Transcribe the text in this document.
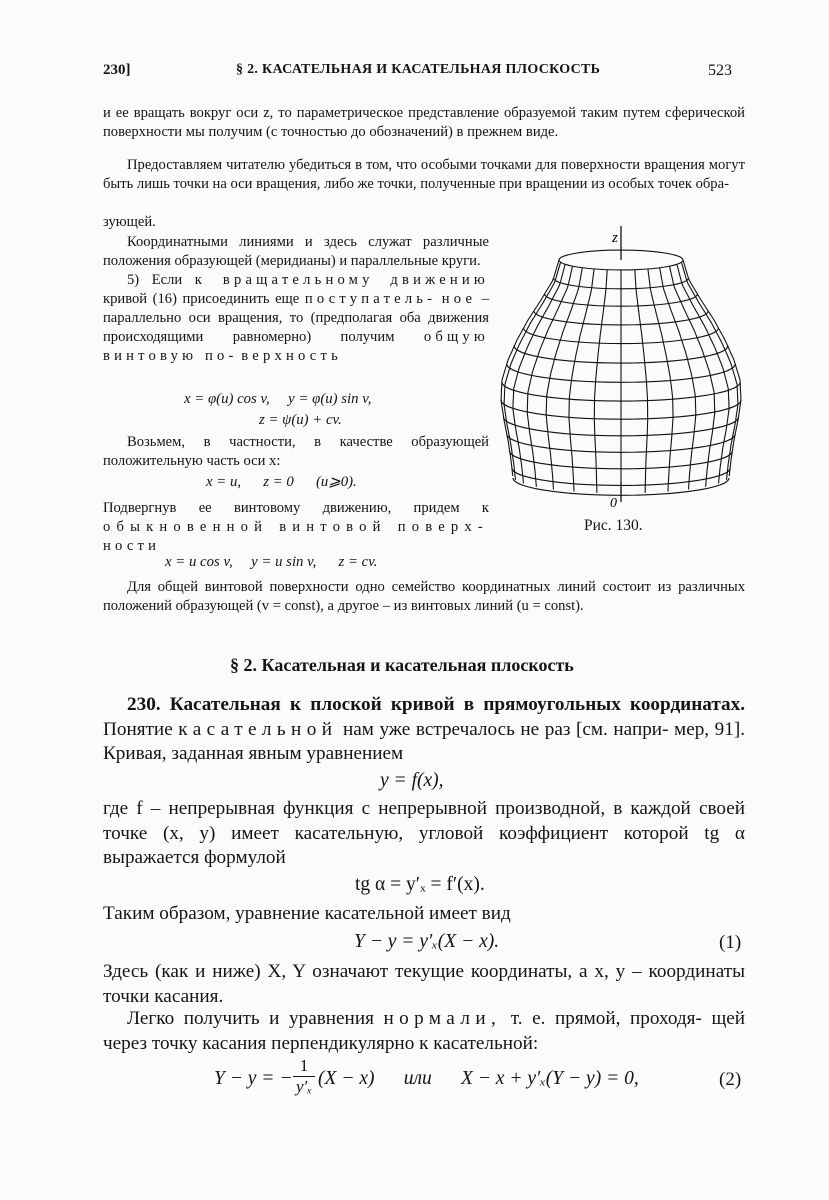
230]	§ 2. КАСАТЕЛЬНАЯ И КАСАТЕЛЬНАЯ ПЛОСКОСТЬ	523

и ее вращать вокруг оси z, то параметрическое представление образуемой таким путем сферической поверхности мы получим (с точностью до обозначений) в прежнем виде.

Предоставляем читателю убедиться в том, что особыми точками для поверхности вращения могут быть лишь точки на оси вращения, либо же точки, полученные при вращении из особых точек обра-

зующей.

Координатными линиями и здесь служат различные положения образующей (меридианы) и параллельные круги.

5) Если к вращательному движению кривой (16) присоединить еще поступатель- ное – параллельно оси вращения, то (предполагая оба движения происходящими равномерно) получим общую винтовую по- верхность

x = φ(u) cos v,     y = φ(u) sin v,
z = ψ(u) + cv.

Возьмем, в частности, в качестве образующей положительную часть оси x:

x = u,      z = 0      (u⩾0).

Подвергнув ее винтовому движению, придем к обыкновенной винтовой поверх- ности

x = u cos v,     y = u sin v,      z = cv.
z
0
Рис. 130.

Для общей винтовой поверхности одно семейство координатных линий состоит из различных положений образующей (v = const), а другое – из винтовых линий (u = const).

§ 2. Касательная и касательная плоскость

230. Касательная к плоской кривой в прямоугольных координатах. Понятие касательной нам уже встречалось не раз [см. напри- мер, 91]. Кривая, заданная явным уравнением

y = f(x),

где f – непрерывная функция с непрерывной производной, в каждой своей точке (x, y) имеет касательную, угловой коэффициент которой tg α выражается формулой

tg α = y′ₓ = f′(x).

Таким образом, уравнение касательной имеет вид

Y − y = y′ₓ(X − x).	(1)

Здесь (как и ниже) X, Y означают текущие координаты, а x, y – координаты точки касания.

Легко получить и уравнения нормали, т. е. прямой, проходя- щей через точку касания перпендикулярно к касательной:

Y − y = − $\frac{1}{\text{y′ₓ}} (X - x)$      или      X − x + y′ₓ(Y − y) = 0,	(2)
